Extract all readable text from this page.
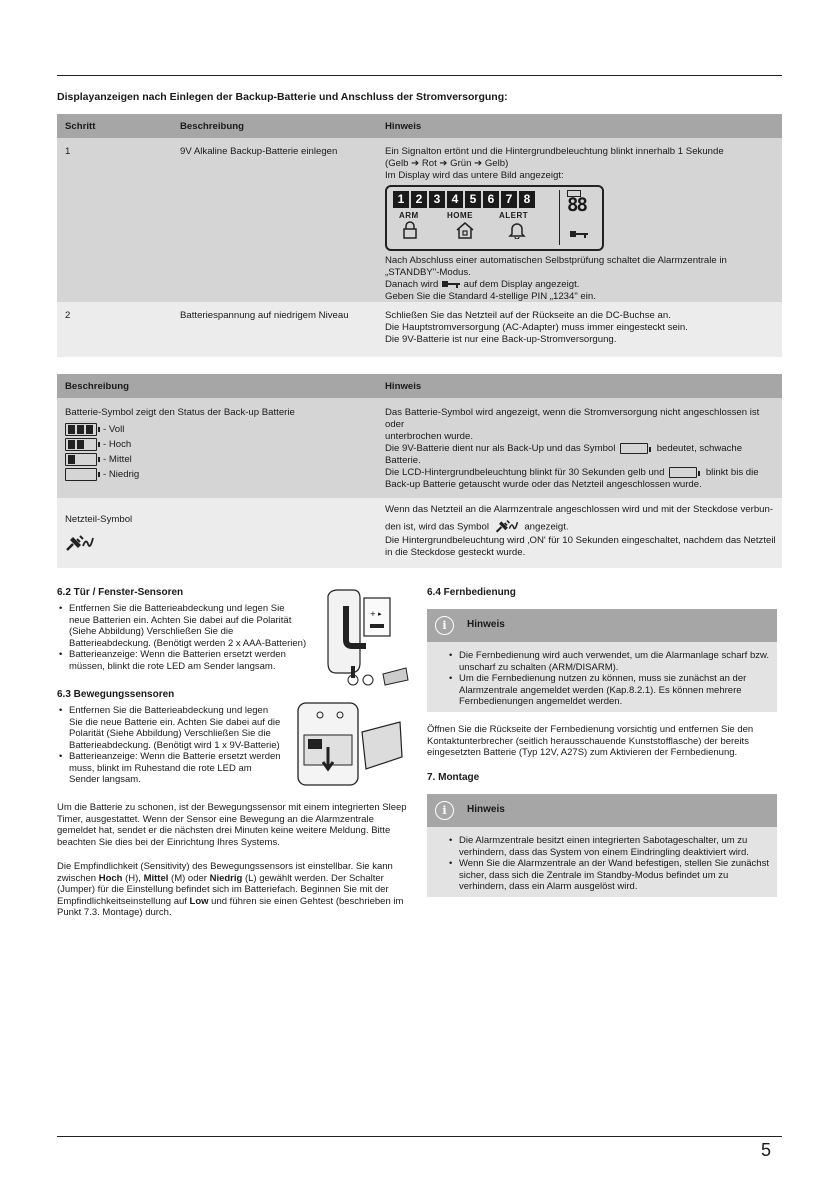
Displayanzeigen nach Einlegen der Backup-Batterie und Anschluss der Stromversorgung:
Schritt	Beschreibung	Hinweis
1	9V Alkaline Backup-Batterie einlegen	Ein Signalton ertönt und die Hintergrundbeleuchtung blinkt innerhalb 1 Sekunde
(Gelb ➔ Rot ➔ Grün ➔ Gelb)
Im Display wird das untere Bild angezeigt:
1 2 3 4 5 6 7 8
ARM	HOME	ALERT 88
Nach Abschluss einer automatischen Selbstprüfung schaltet die Alarmzentrale in
„STANDBY"-Modus.
Danach wird	auf dem Display angezeigt.
Geben Sie die Standard 4-stellige PIN „1234" ein.
2	Batteriespannung auf niedrigem Niveau	Schließen Sie das Netzteil auf der Rückseite an die DC-Buchse an.
Die Hauptstromversorgung (AC-Adapter) muss immer eingesteckt sein.
Die 9V-Batterie ist nur eine Back-up-Stromversorgung.
Beschreibung	Hinweis
Batterie-Symbol zeigt den Status der Back-up Batterie
- Voll
- Hoch
- Mittel
- Niedrig
Das Batterie-Symbol wird angezeigt, wenn die Stromversorgung nicht angeschlossen ist oder
unterbrochen wurde.
Die 9V-Batterie dient nur als Back-Up und das Symbol	bedeutet, schwache Batterie.
Die LCD-Hintergrundbeleuchtung blinkt für 30 Sekunden gelb und	blinkt bis die
Back-up Batterie getauscht wurde oder das Netzteil angeschlossen wurde.
Netzteil-Symbol
Wenn das Netzteil an die Alarmzentrale angeschlossen wird und mit der Steckdose verbun-
den ist, wird das Symbol	angezeigt.
Die Hintergrundbeleuchtung wird ‚ON' für 10 Sekunden eingeschaltet, nachdem das Netzteil
in die Steckdose gesteckt wurde.
6.2 Tür / Fenster-Sensoren
• Entfernen Sie die Batterieabdeckung und legen Sie neue Batterien ein. Achten Sie dabei auf die Polarität (Siehe Abbildung) Verschließen Sie die Batterieabdeckung. (Benötigt werden 2 x AAA-Batterien)
• Batterieanzeige: Wenn die Batterien ersetzt werden müssen, blinkt die rote LED am Sender langsam.
+ ▸
6.3 Bewegungssensoren
• Entfernen Sie die Batterieabdeckung und legen Sie die neue Batterie ein. Achten Sie dabei auf die Polarität (Siehe Abbildung) Verschließen Sie die Batterieabdeckung. (Benötigt wird 1 x 9V-Batterie)
• Batterieanzeige: Wenn die Batterie ersetzt werden muss, blinkt im Ruhestand die rote LED am Sender langsam.
Um die Batterie zu schonen, ist der Bewegungssensor mit einem integrierten Sleep Timer, ausgestattet. Wenn der Sensor eine Bewegung an die Alarmzentrale gemeldet hat, sendet er die nächsten drei Minuten keine weitere Meldung. Bitte beachten Sie dies bei der Einrichtung Ihres Systems.
Die Empfindlichkeit (Sensitivity) des Bewegungssensors ist einstellbar. Sie kann zwischen Hoch (H), Mittel (M) oder Niedrig (L) gewählt werden. Der Schalter (Jumper) für die Einstellung befindet sich im Batteriefach. Beginnen Sie mit der Empfindlichkeitseinstellung auf Low und führen sie einen Gehtest (beschrieben im Punkt 7.3. Montage) durch.
6.4 Fernbedienung
i	Hinweis
• Die Fernbedienung wird auch verwendet, um die Alarmanlage scharf bzw. unscharf zu schalten (ARM/DISARM).
• Um die Fernbedienung nutzen zu können, muss sie zunächst an der Alarmzentrale angemeldet werden (Kap.8.2.1). Es können mehrere Fernbedienungen angemeldet werden.
Öffnen Sie die Rückseite der Fernbedienung vorsichtig und entfernen Sie den Kontaktunterbrecher (seitlich herausschauende Kunststofflasche) der bereits eingesetzten Batterie (Typ 12V, A27S) zum Aktivieren der Fernbedienung.
7. Montage
i	Hinweis
• Die Alarmzentrale besitzt einen integrierten Sabotageschalter, um zu verhindern, dass das System von einem Eindringling deaktiviert wird.
• Wenn Sie die Alarmzentrale an der Wand befestigen, stellen Sie zunächst sicher, dass sich die Zentrale im Standby-Modus befindet um zu verhindern, dass ein Alarm ausgelöst wird.
5
